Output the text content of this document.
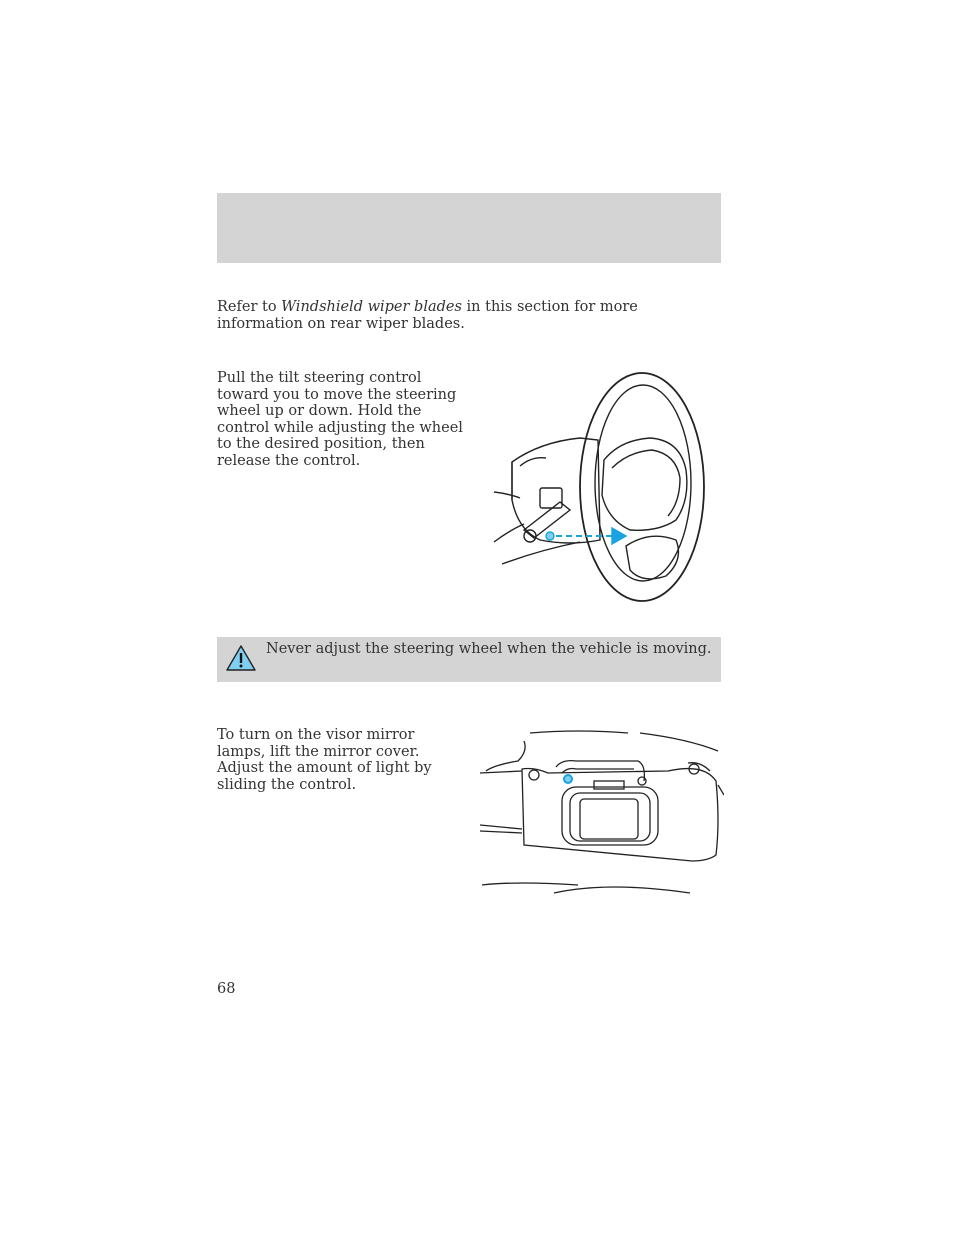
Refer to Windshield wiper blades in this section for more information on rear wiper blades.

Pull the tilt steering control toward you to move the steering wheel up or down. Hold the control while adjusting the wheel to the desired position, then release the control.

Never adjust the steering wheel when the vehicle is moving.

To turn on the visor mirror lamps, lift the mirror cover. Adjust the amount of light by sliding the control.

68
